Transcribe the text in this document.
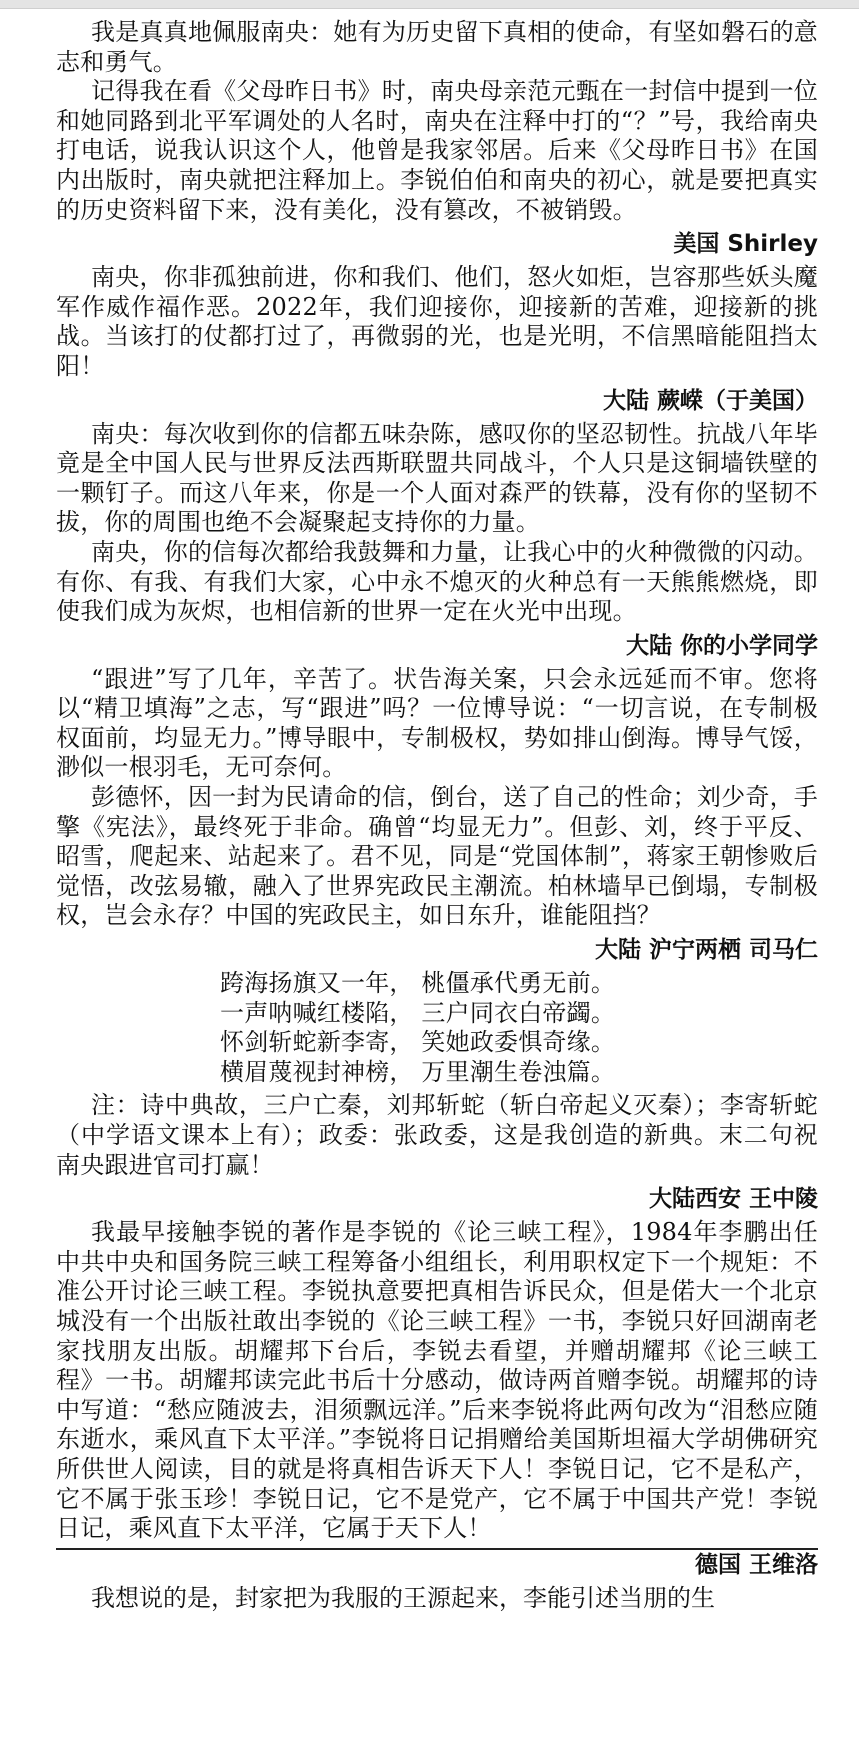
我是真真地佩服南央：她有为历史留下真相的使命，有坚如磐石的意志和勇气。

记得我在看《父母昨日书》时，南央母亲范元甄在一封信中提到一位和她同路到北平军调处的人名时，南央在注释中打的“？”号，我给南央打电话，说我认识这个人，他曾是我家邻居。后来《父母昨日书》在国内出版时，南央就把注释加上。李锐伯伯和南央的初心，就是要把真实的历史资料留下来，没有美化，没有篡改，不被销毁。

美国 Shirley

南央，你非孤独前进，你和我们、他们，怒火如炬，岂容那些妖头魔军作威作福作恶。2022年，我们迎接你，迎接新的苦难，迎接新的挑战。当该打的仗都打过了，再微弱的光，也是光明，不信黑暗能阻挡太阳！

大陆 蕨嵘（于美国）

南央：每次收到你的信都五味杂陈，感叹你的坚忍韧性。抗战八年毕竟是全中国人民与世界反法西斯联盟共同战斗，个人只是这铜墙铁壁的一颗钉子。而这八年来，你是一个人面对森严的铁幕，没有你的坚韧不拔，你的周围也绝不会凝聚起支持你的力量。

南央，你的信每次都给我鼓舞和力量，让我心中的火种微微的闪动。有你、有我、有我们大家，心中永不熄灭的火种总有一天熊熊燃烧，即使我们成为灰烬，也相信新的世界一定在火光中出现。

大陆 你的小学同学

“跟进”写了几年，辛苦了。状告海关案，只会永远延而不审。您将以“精卫填海”之志，写“跟进”吗？一位博导说：“一切言说，在专制极权面前，均显无力。”博导眼中，专制极权，势如排山倒海。博导气馁，渺似一根羽毛，无可奈何。

彭德怀，因一封为民请命的信，倒台，送了自己的性命；刘少奇，手擎《宪法》，最终死于非命。确曾“均显无力”。但彭、刘，终于平反、昭雪，爬起来、站起来了。君不见，同是“党国体制”，蒋家王朝惨败后觉悟，改弦易辙，融入了世界宪政民主潮流。柏林墙早已倒塌，专制极权，岂会永存？中国的宪政民主，如日东升，谁能阻挡？

大陆 沪宁两栖 司马仁
跨海扬旗又一年， 桃僵承代勇无前。
一声呐喊红楼陷， 三户同衣白帝蠲。
怀剑斩蛇新李寄， 笑她政委惧奇缘。
横眉蔑视封神榜， 万里潮生卷浊篇。

注：诗中典故，三户亡秦，刘邦斩蛇（斩白帝起义灭秦）；李寄斩蛇（中学语文课本上有）；政委：张政委，这是我创造的新典。末二句祝南央跟进官司打赢！

大陆西安 王中陵

我最早接触李锐的著作是李锐的《论三峡工程》，1984年李鹏出任中共中央和国务院三峡工程筹备小组组长，利用职权定下一个规矩：不准公开讨论三峡工程。李锐执意要把真相告诉民众，但是偌大一个北京城没有一个出版社敢出李锐的《论三峡工程》一书，李锐只好回湖南老家找朋友出版。胡耀邦下台后，李锐去看望，并赠胡耀邦《论三峡工程》一书。胡耀邦读完此书后十分感动，做诗两首赠李锐。胡耀邦的诗中写道：“愁应随波去，泪须飘远洋。”后来李锐将此两句改为“泪愁应随东逝水，乘风直下太平洋。”李锐将日记捐赠给美国斯坦福大学胡佛研究所供世人阅读，目的就是将真相告诉天下人！李锐日记，它不是私产，它不属于张玉珍！李锐日记，它不是党产，它不属于中国共产党！李锐日记，乘风直下太平洋，它属于天下人！

德国 王维洛
我想说的是，封家把为我服的王源起来，李能引述当朋的生
